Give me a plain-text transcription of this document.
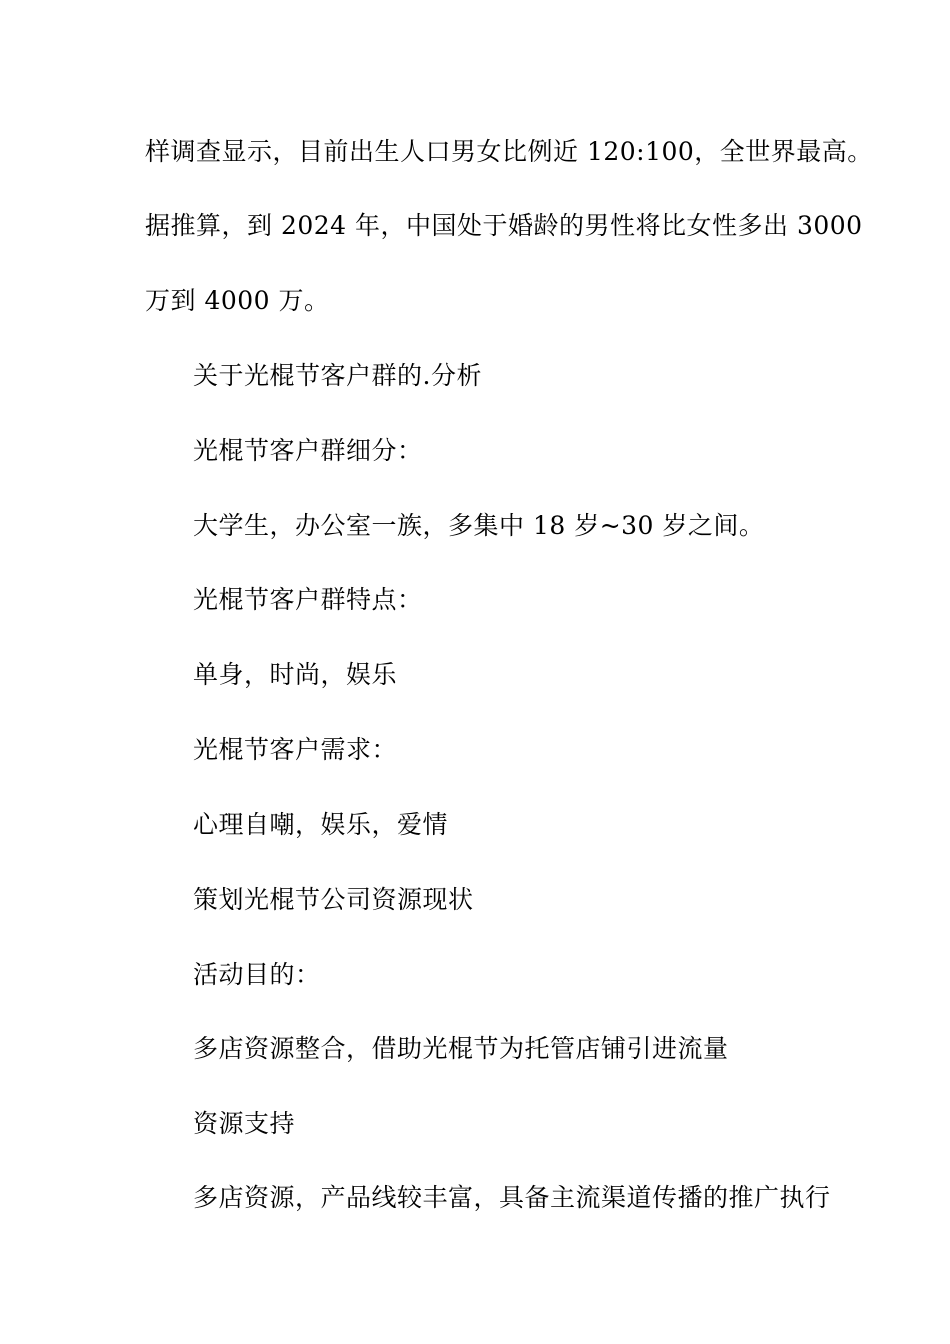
样调查显示，目前出生人口男女比例近 120:100，全世界最高。
据推算，到 2024 年，中国处于婚龄的男性将比女性多出 3000
万到 4000 万。
关于光棍节客户群的.分析
光棍节客户群细分：
大学生，办公室一族，多集中 18 岁~30 岁之间。
光棍节客户群特点：
单身，时尚，娱乐
光棍节客户需求：
心理自嘲，娱乐，爱情
策划光棍节公司资源现状
活动目的：
多店资源整合，借助光棍节为托管店铺引进流量
资源支持
多店资源，产品线较丰富，具备主流渠道传播的推广执行
